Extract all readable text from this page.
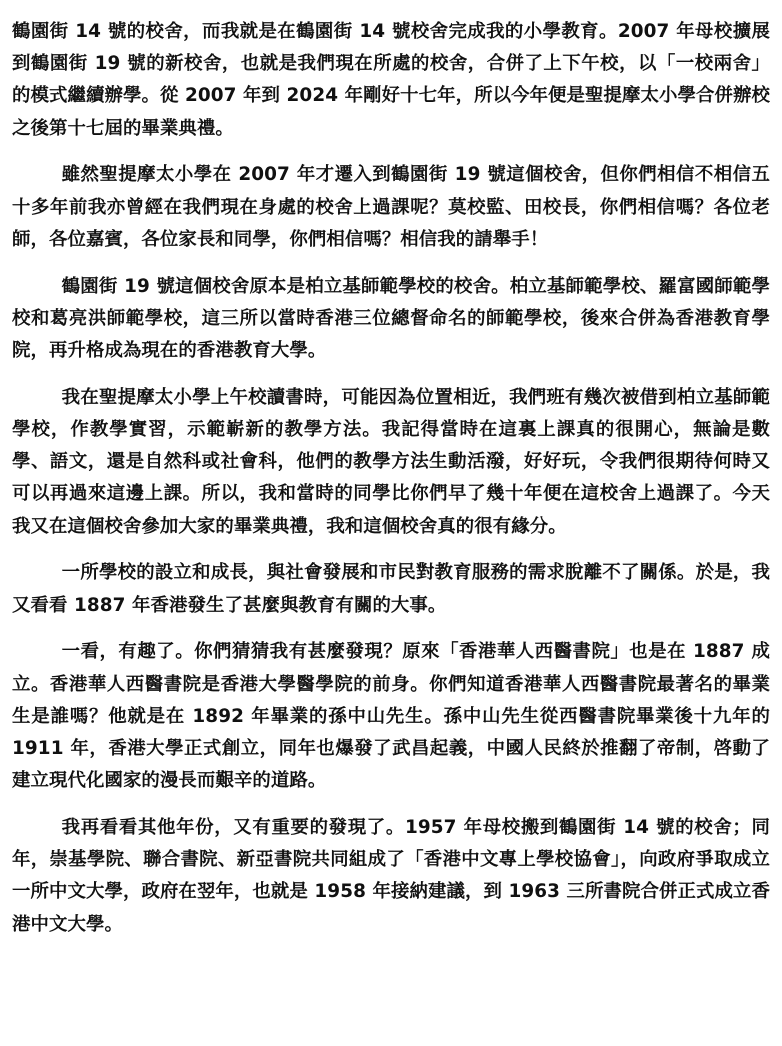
鶴園街 14 號的校舍，而我就是在鶴園街 14 號校舍完成我的小學教育。2007 年母校擴展到鶴園街 19 號的新校舍，也就是我們現在所處的校舍，合併了上下午校，以「一校兩舍」的模式繼續辦學。從 2007 年到 2024 年剛好十七年，所以今年便是聖提摩太小學合併辦校之後第十七屆的畢業典禮。

雖然聖提摩太小學在 2007 年才遷入到鶴園街 19 號這個校舍，但你們相信不相信五十多年前我亦曾經在我們現在身處的校舍上過課呢？莫校監、田校長，你們相信嗎？各位老師，各位嘉賓，各位家長和同學，你們相信嗎？相信我的請舉手！

鶴園街 19 號這個校舍原本是柏立基師範學校的校舍。柏立基師範學校、羅富國師範學校和葛亮洪師範學校，這三所以當時香港三位總督命名的師範學校，後來合併為香港教育學院，再升格成為現在的香港教育大學。

我在聖提摩太小學上午校讀書時，可能因為位置相近，我們班有幾次被借到柏立基師範學校，作教學實習，示範嶄新的教學方法。我記得當時在這裏上課真的很開心，無論是數學、語文，還是自然科或社會科，他們的教學方法生動活潑，好好玩，令我們很期待何時又可以再過來這邊上課。所以，我和當時的同學比你們早了幾十年便在這校舍上過課了。今天我又在這個校舍參加大家的畢業典禮，我和這個校舍真的很有緣分。

一所學校的設立和成長，與社會發展和市民對教育服務的需求脫離不了關係。於是，我又看看 1887 年香港發生了甚麼與教育有關的大事。

一看，有趣了。你們猜猜我有甚麼發現？原來「香港華人西醫書院」也是在 1887 成立。香港華人西醫書院是香港大學醫學院的前身。你們知道香港華人西醫書院最著名的畢業生是誰嗎？他就是在 1892 年畢業的孫中山先生。孫中山先生從西醫書院畢業後十九年的 1911 年，香港大學正式創立，同年也爆發了武昌起義，中國人民終於推翻了帝制，啓動了建立現代化國家的漫長而艱辛的道路。

我再看看其他年份，又有重要的發現了。1957 年母校搬到鶴園街 14 號的校舍；同年，崇基學院、聯合書院、新亞書院共同組成了「香港中文專上學校協會」，向政府爭取成立一所中文大學，政府在翌年，也就是 1958 年接納建議，到 1963 三所書院合併正式成立香港中文大學。
